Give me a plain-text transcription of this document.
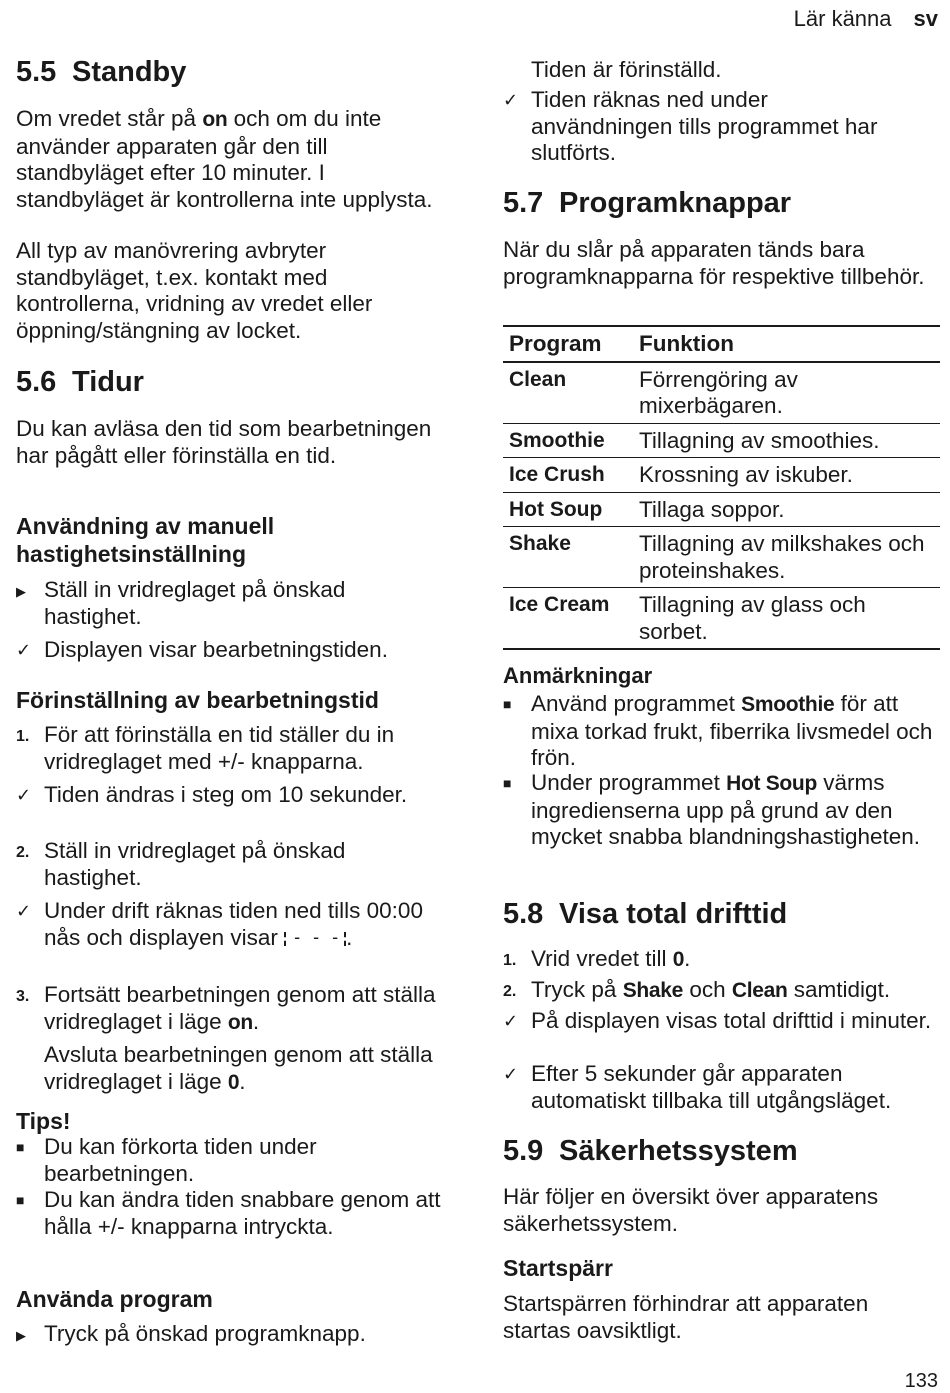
Lär känna sv
5.5 Standby
Om vredet står på on och om du inte använder apparaten går den till standbyläget efter 10 minuter. I standbyläget är kontrollerna inte upplysta.
All typ av manövrering avbryter standbyläget, t.ex. kontakt med kontrollerna, vridning av vredet eller öppning/stängning av locket.
5.6 Tidur
Du kan avläsa den tid som bearbetningen har pågått eller förinställa en tid.
Användning av manuell hastighetsinställning
▶ Ställ in vridreglaget på önskad hastighet.
✓ Displayen visar bearbetningstiden.
Förinställning av bearbetningstid
1. För att förinställa en tid ställer du in vridreglaget med +/- knapparna.
✓ Tiden ändras i steg om 10 sekunder.
2. Ställ in vridreglaget på önskad hastighet.
✓ Under drift räknas tiden ned tills 00:00 nås och displayen visar - - -	.
3. Fortsätt bearbetningen genom att ställa vridreglaget i läge on.
Avsluta bearbetningen genom att ställa vridreglaget i läge 0.
Tips!
■ Du kan förkorta tiden under bearbetningen.
■ Du kan ändra tiden snabbare genom att hålla +/- knapparna intryckta.
Använda program
▶ Tryck på önskad programknapp.
Tiden är förinställd.
✓ Tiden räknas ned under användningen tills programmet har slutförts.
5.7 Programknappar
När du slår på apparaten tänds bara programknapparna för respektive tillbehör.
Program	Funktion
Clean	Förrengöring av mixerbägaren.
Smoothie	Tillagning av smoothies.
Ice Crush	Krossning av iskuber.
Hot Soup	Tillaga soppor.
Shake	Tillagning av milkshakes och proteinshakes.
Ice Cream	Tillagning av glass och sorbet.
Anmärkningar
■ Använd programmet Smoothie för att mixa torkad frukt, fiberrika livsmedel och frön.
■ Under programmet Hot Soup värms ingredienserna upp på grund av den mycket snabba blandningshastigheten.
5.8 Visa total drifttid
1. Vrid vredet till 0.
2. Tryck på Shake och Clean samtidigt.
✓ På displayen visas total drifttid i minuter.
✓ Efter 5 sekunder går apparaten automatiskt tillbaka till utgångsläget.
5.9 Säkerhetssystem
Här följer en översikt över apparatens säkerhetssystem.
Startspärr
Startspärren förhindrar att apparaten startas oavsiktligt.
133
